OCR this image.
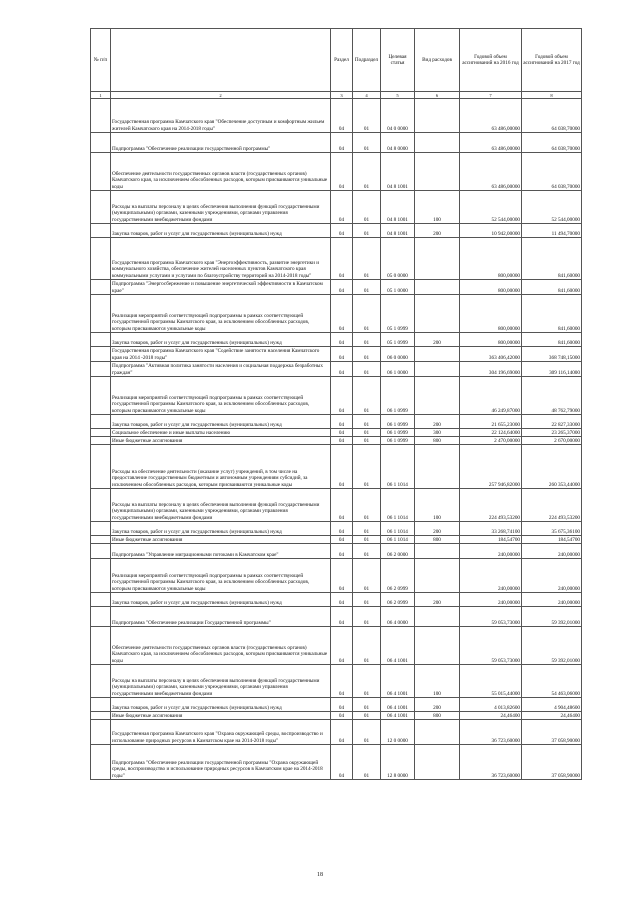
№ п/п		Раздел	Подраздел	Целевая статья	Вид расходов	Годовой объем ассигнований на 2016 год	Годовой объем ассигнований на 2017 год
1	2	3	4	5	6	7	8
	Государственная программа Камчатского края "Обеспечение доступным и комфортным жильем жителей Камчатского края на 2014-2018 годы"	04	01	04 0 0000		63 486,00000	64 038,70000
	Подпрограмма "Обеспечение реализации государственной программы"	04	01	04 8 0000		63 486,00000	64 038,70000
	Обеспечение деятельности государственных органов власти (государственных органов) Камчатского края, за исключением обособленных расходов, которым присваиваются уникальные коды	04	01	04 8 1001		63 486,00000	64 038,70000
	Расходы на выплаты персоналу в целях обеспечения выполнения функций государственными (муниципальными) органами, казенными учреждениями, органами управления государственными внебюджетными фондами	04	01	04 8 1001	100	52 544,00000	52 544,00000
	Закупка товаров, работ и услуг для государственных (муниципальных) нужд	04	01	04 8 1001	200	10 942,00000	11 494,70000
	Государственная программа Камчатского края "Энергоэффективность, развитие энергетики и коммунального хозяйства, обеспечение жителей населенных пунктов Камчатского края коммунальными услугами и услугами по благоустройству территорий на 2014-2018 годы"	04	01	05 0 0000		800,00000	841,60000
	Подпрограмма "Энергосбережение и повышение энергетической эффективности в Камчатском крае"	04	01	05 1 0000		800,00000	841,60000
	Реализация мероприятий соответствующей подпрограммы в рамках соответствующей государственной программы Камчатского края, за исключением обособленных расходов, которым присваиваются уникальные коды	04	01	05 1 0999		800,00000	841,60000
	Закупка товаров, работ и услуг для государственных (муниципальных) нужд	04	01	05 1 0999	200	800,00000	841,60000
	Государственная программа Камчатского края "Содействие занятости населения Камчатского края на 2014 -2018 годы"	04	01	06 0 0000		363 406,42000	368 748,15000
	Подпрограмма "Активная политика занятости населения и социальная поддержка безработных граждан"	04	01	06 1 0000		304 196,69000	309 116,14000
	Реализация мероприятий соответствующей подпрограммы в рамках соответствующей государственной программы Камчатского края, за исключением обособленных расходов, которым присваиваются уникальные коды	04	01	06 1 0999		46 249,87000	48 762,79000
	Закупка товаров, работ и услуг для государственных (муниципальных) нужд	04	01	06 1 0999	200	21 655,23000	22 827,33000
	Социальное обеспечение и иные выплаты населению	04	01	06 1 0999	300	22 124,64000	23 265,37000
	Иные бюджетные ассигнования	04	01	06 1 0999	800	2 470,00000	2 670,00000
	Расходы на обеспечение деятельности (оказание услуг) учреждений, в том числе на предоставление государственным бюджетным и автономным учреждениям субсидий, за исключением обособленных расходов, которым присваиваются уникальные коды	04	01	06 1 1014		257 946,82000	260 353,44000
	Расходы на выплаты персоналу в целях обеспечения выполнения функций государственными (муниципальными) органами, казенными учреждениями, органами управления государственными внебюджетными фондами	04	01	06 1 1014	100	224 493,53200	224 493,53200
	Закупка товаров, работ и услуг для государственных (муниципальных) нужд	04	01	06 1 1014	200	33 268,74100	35 675,36100
	Иные бюджетные ассигнования	04	01	06 1 1014	800	184,54700	184,54700
	Подпрограмма "Управление миграционными потоками в Камчатском крае"	04	01	06 2 0000		240,00000	240,00000
	Реализация мероприятий соответствующей подпрограммы в рамках соответствующей государственной программы Камчатского края, за исключением обособленных расходов, которым присваиваются уникальные коды	04	01	06 2 0999		240,00000	240,00000
	Закупка товаров, работ и услуг для государственных (муниципальных) нужд	04	01	06 2 0999	200	240,00000	240,00000
	Подпрограмма "Обеспечение реализации Государственной программы"	04	01	06 4 0000		59 053,73000	59 392,01000
	Обеспечение деятельности государственных органов власти (государственных органов) Камчатского края, за исключением обособленных расходов, которым присваиваются уникальные коды	04	01	06 4 1001		59 053,73000	59 392,01000
	Расходы на выплаты персоналу в целях обеспечения выполнения функций государственными (муниципальными) органами, казенными учреждениями, органами управления государственными внебюджетными фондами	04	01	06 4 1001	100	55 015,44000	54 463,06000
	Закупка товаров, работ и услуг для государственных (муниципальных) нужд	04	01	06 4 1001	200	4 013,82600	4 904,48600
	Иные бюджетные ассигнования	04	01	06 4 1001	800	24,46400	24,46400
	Государственная программа Камчатского края "Охрана окружающей среды, воспроизводство и использование природных ресурсов в Камчатском крае на 2014-2018 годы"	04	01	12 0 0000		36 723,60000	37 058,90000
	Подпрограмма "Обеспечение реализации государственной программы "Охрана окружающей среды, воспроизводство и использование природных ресурсов в Камчатском крае на 2014-2018 годы"	04	01	12 8 0000		36 723,60000	37 058,90000
18
